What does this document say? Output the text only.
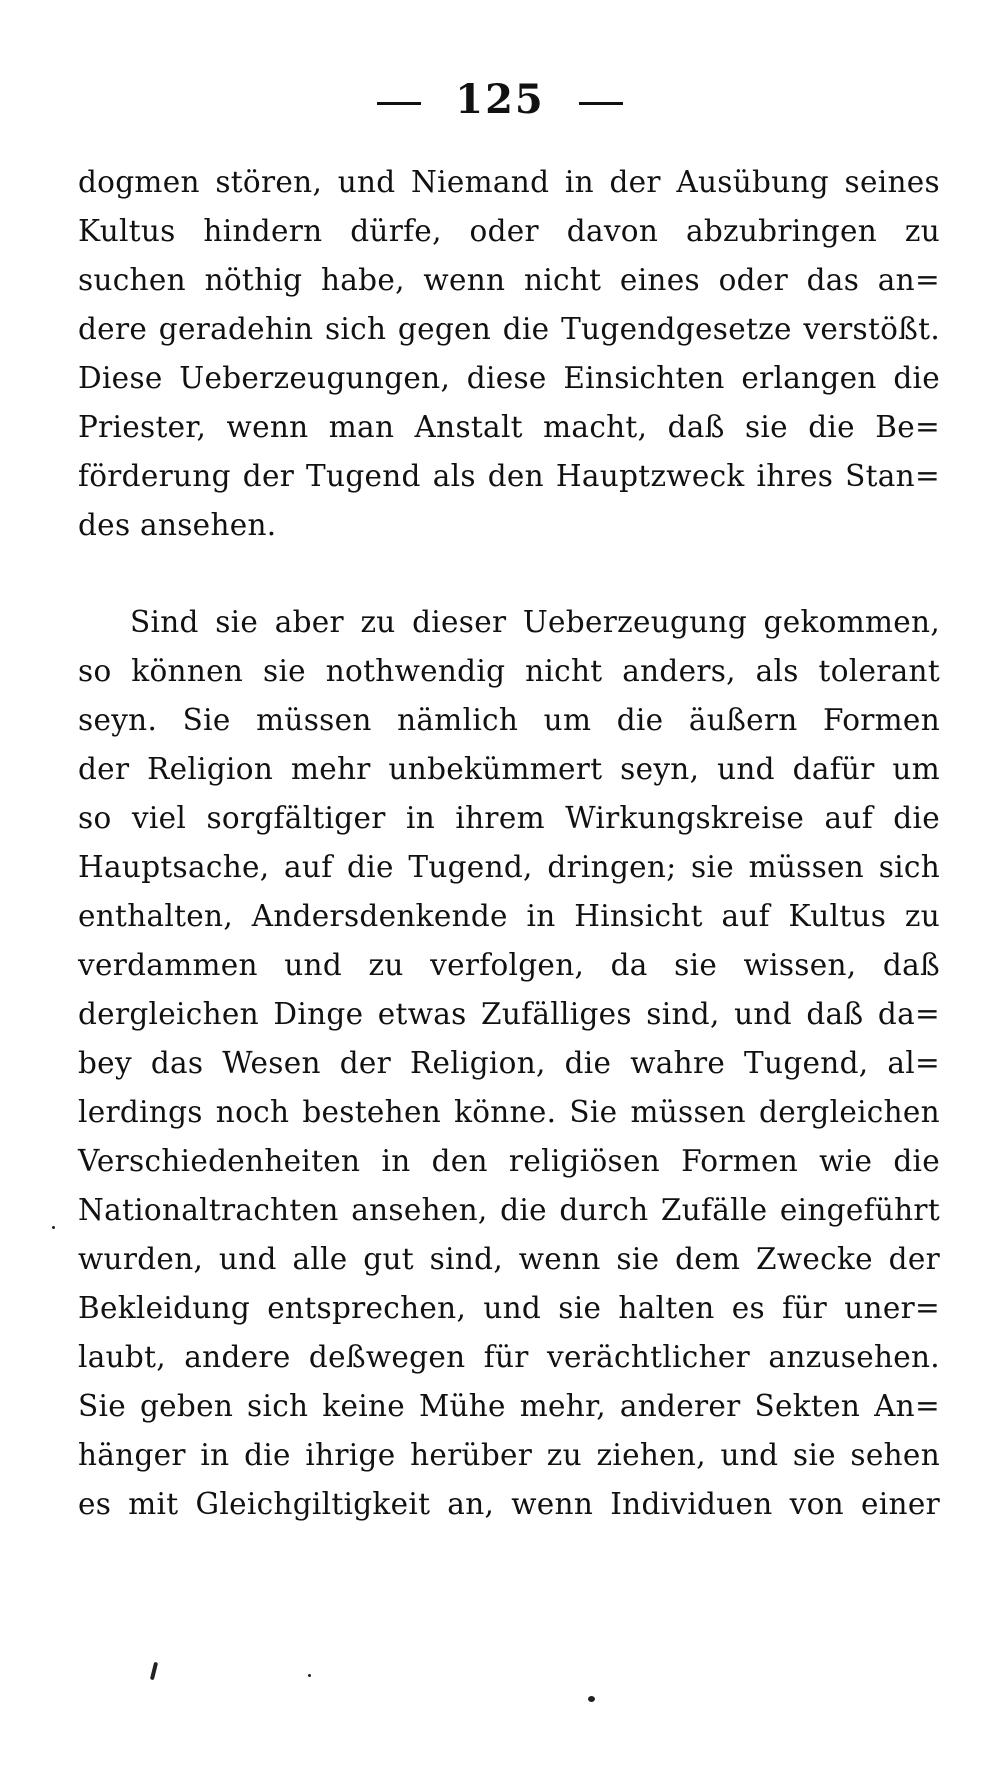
125
dogmen stören, und Niemand in der Ausübung seines
Kultus hindern dürfe, oder davon abzubringen zu
suchen nöthig habe, wenn nicht eines oder das an=
dere geradehin sich gegen die Tugendgesetze verstößt.
Diese Ueberzeugungen, diese Einsichten erlangen die
Priester, wenn man Anstalt macht, daß sie die Be=
förderung der Tugend als den Hauptzweck ihres Stan=
des ansehen.
Sind sie aber zu dieser Ueberzeugung gekommen,
so können sie nothwendig nicht anders, als tolerant
seyn. Sie müssen nämlich um die äußern Formen
der Religion mehr unbekümmert seyn, und dafür um
so viel sorgfältiger in ihrem Wirkungskreise auf die
Hauptsache, auf die Tugend, dringen; sie müssen sich
enthalten, Andersdenkende in Hinsicht auf Kultus zu
verdammen und zu verfolgen, da sie wissen, daß
dergleichen Dinge etwas Zufälliges sind, und daß da=
bey das Wesen der Religion, die wahre Tugend, al=
lerdings noch bestehen könne. Sie müssen dergleichen
Verschiedenheiten in den religiösen Formen wie die
Nationaltrachten ansehen, die durch Zufälle eingeführt
wurden, und alle gut sind, wenn sie dem Zwecke der
Bekleidung entsprechen, und sie halten es für uner=
laubt, andere deßwegen für verächtlicher anzusehen.
Sie geben sich keine Mühe mehr, anderer Sekten An=
hänger in die ihrige herüber zu ziehen, und sie sehen
es mit Gleichgiltigkeit an, wenn Individuen von einer
